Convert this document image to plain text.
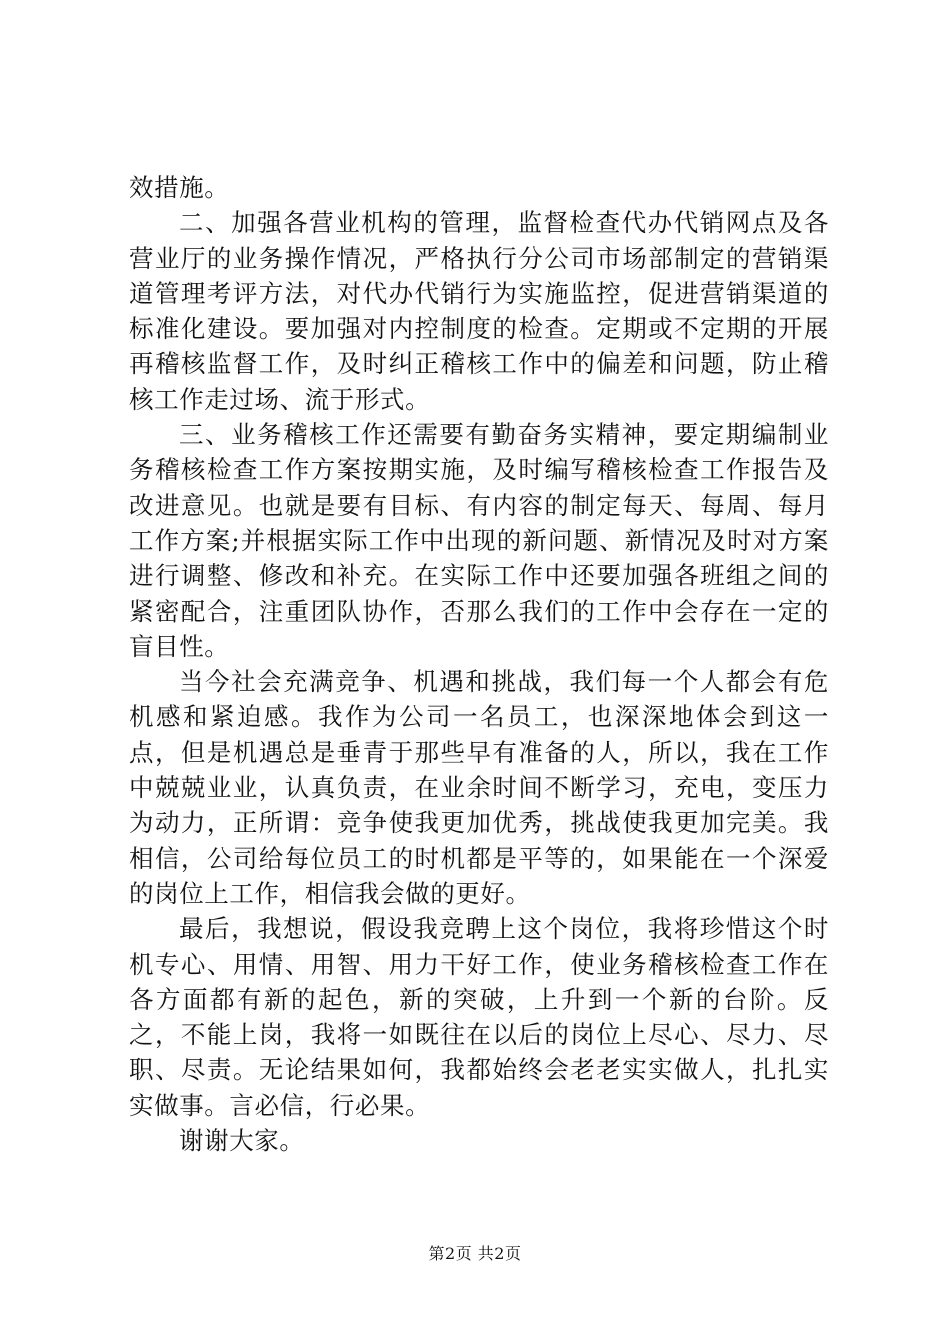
效措施。

二、加强各营业机构的管理，监督检查代办代销网点及各营业厅的业务操作情况，严格执行分公司市场部制定的营销渠道管理考评方法，对代办代销行为实施监控，促进营销渠道的标准化建设。要加强对内控制度的检查。定期或不定期的开展再稽核监督工作，及时纠正稽核工作中的偏差和问题，防止稽核工作走过场、流于形式。

三、业务稽核工作还需要有勤奋务实精神，要定期编制业务稽核检查工作方案按期实施，及时编写稽核检查工作报告及改进意见。也就是要有目标、有内容的制定每天、每周、每月工作方案;并根据实际工作中出现的新问题、新情况及时对方案进行调整、修改和补充。在实际工作中还要加强各班组之间的紧密配合，注重团队协作，否那么我们的工作中会存在一定的盲目性。

当今社会充满竞争、机遇和挑战，我们每一个人都会有危机感和紧迫感。我作为公司一名员工，也深深地体会到这一点，但是机遇总是垂青于那些早有准备的人，所以，我在工作中兢兢业业，认真负责，在业余时间不断学习，充电，变压力为动力，正所谓：竞争使我更加优秀，挑战使我更加完美。我相信，公司给每位员工的时机都是平等的，如果能在一个深爱的岗位上工作，相信我会做的更好。

最后，我想说，假设我竞聘上这个岗位，我将珍惜这个时机专心、用情、用智、用力干好工作，使业务稽核检查工作在各方面都有新的起色，新的突破，上升到一个新的台阶。反之，不能上岗，我将一如既往在以后的岗位上尽心、尽力、尽职、尽责。无论结果如何，我都始终会老老实实做人，扎扎实实做事。言必信，行必果。

谢谢大家。

第2页 共2页
